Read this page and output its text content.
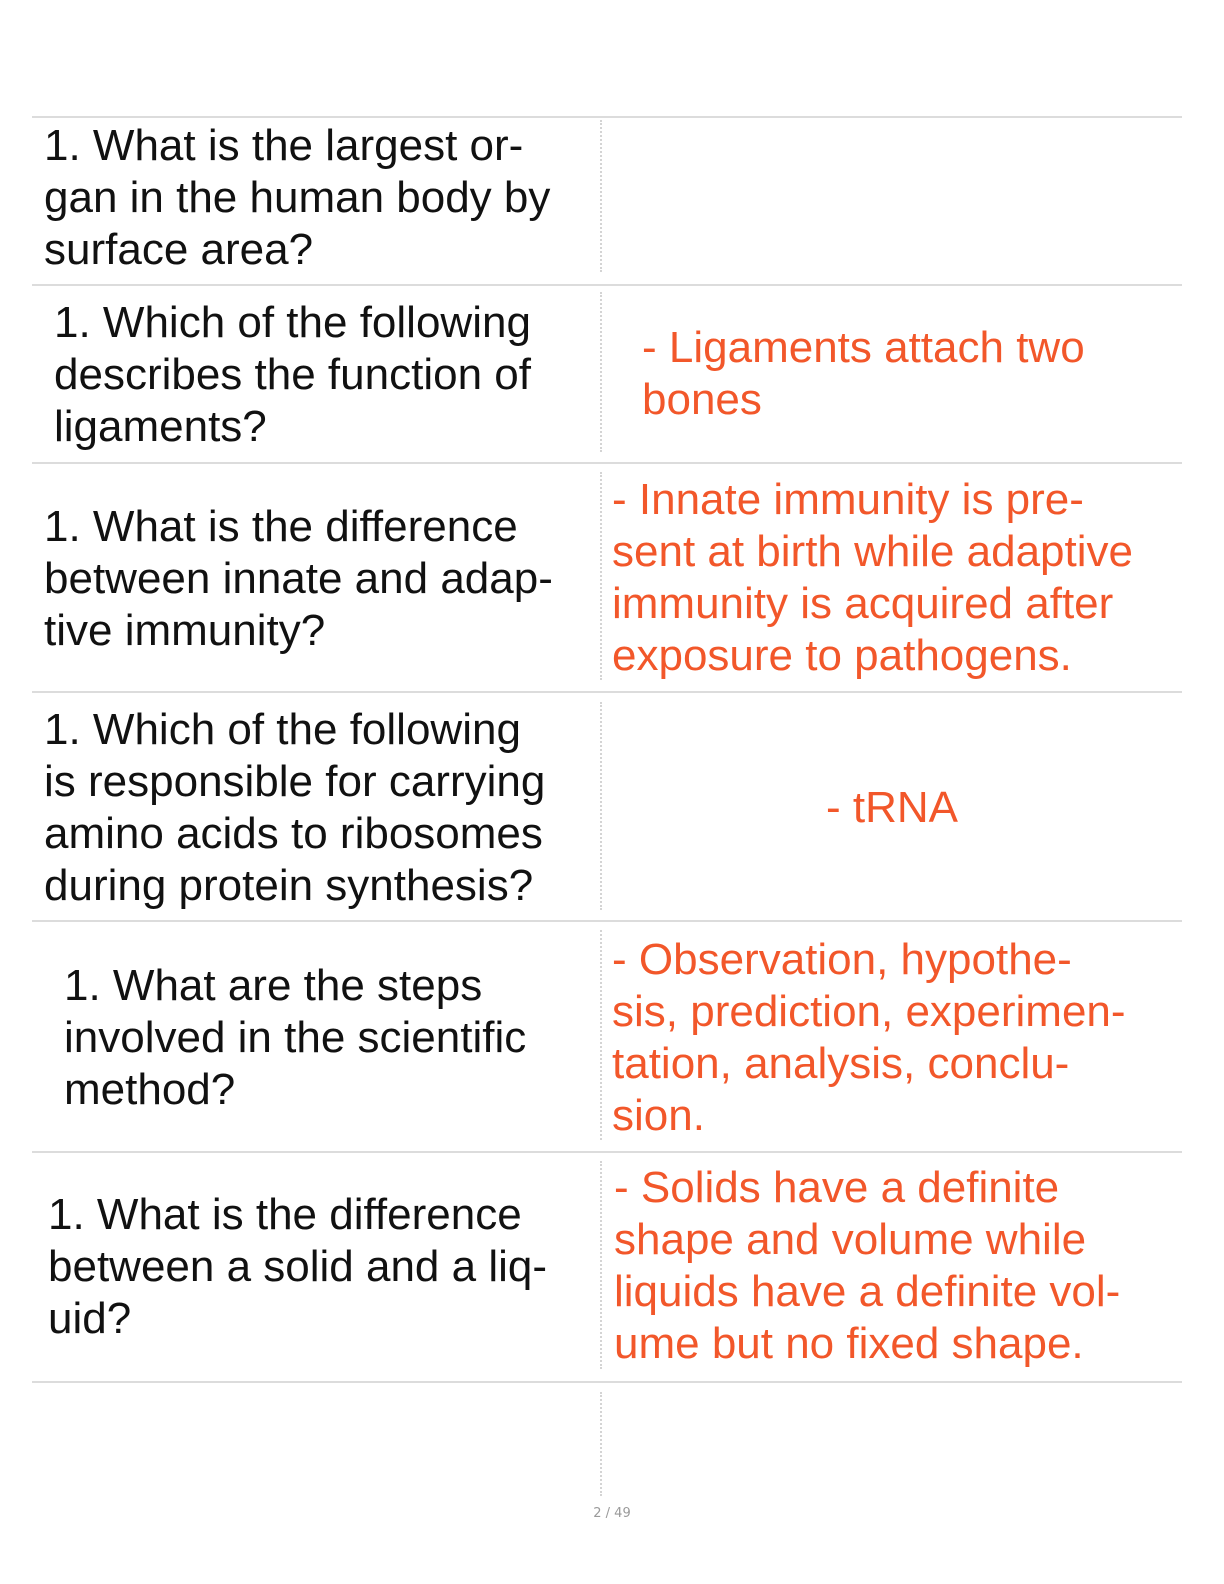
1. What is the largest or-
gan in the human body by
surface area?
1. Which of the following
describes the function of
ligaments?
- Ligaments attach two
bones
1. What is the difference
between innate and adap-
tive immunity?
- Innate immunity is pre-
sent at birth while adaptive
immunity is acquired after
exposure to pathogens.
1. Which of the following
is responsible for carrying
amino acids to ribosomes
during protein synthesis?
- tRNA
1. What are the steps
involved in the scientific
method?
- Observation, hypothe-
sis, prediction, experimen-
tation, analysis, conclu-
sion.
1. What is the difference
between a solid and a liq-
uid?
- Solids have a definite
shape and volume while
liquids have a definite vol-
ume but no fixed shape.
2 / 49
